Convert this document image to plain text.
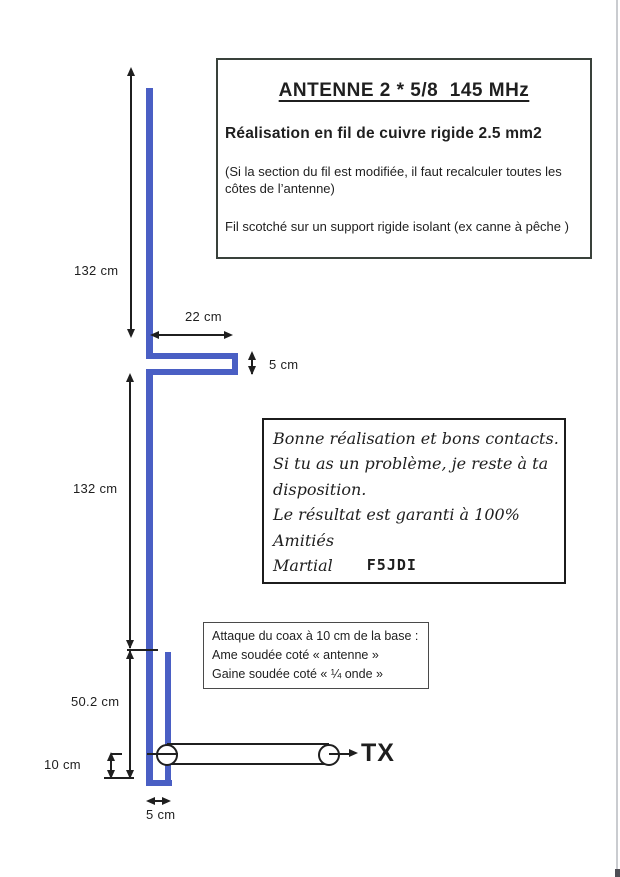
132 cm
22 cm
5 cm
132 cm
50.2 cm
10 cm
5 cm
TX
ANTENNE 2 * 5/8  145 MHz
Réalisation en fil de cuivre rigide 2.5 mm2
(Si la section du fil est modifiée, il faut recalculer toutes les côtes de l’antenne)
Fil scotché sur un support rigide isolant (ex canne à pêche )
Bonne réalisation et bons contacts.
Si tu as un problème, je reste à ta
disposition.
Le résultat est garanti à 100%
Amitiés
Martial F5JDI
Attaque du coax à 10 cm de la base :
Ame soudée coté « antenne »
Gaine soudée coté « ¼ onde »
